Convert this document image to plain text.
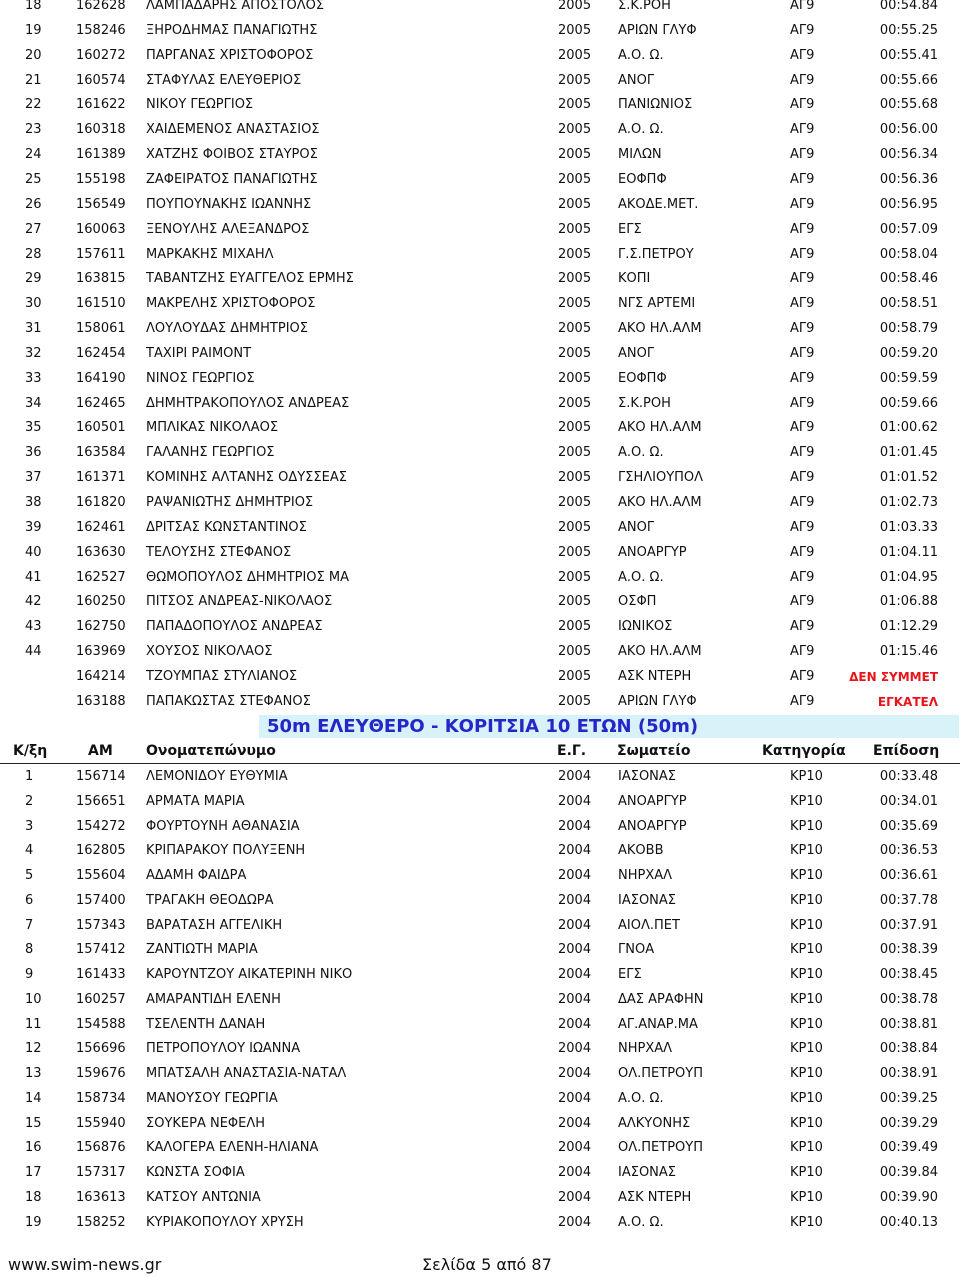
18	162628 ΛΑΜΠΑΔΑΡΗΣ ΑΠΟΣΤΟΛΟΣ	2005 Σ.Κ.ΡΟΗ	ΑΓ9	00:54.84
19	158246 ΞΗΡΟΔΗΜΑΣ ΠΑΝΑΓΙΩΤΗΣ	2005 ΑΡΙΩΝ ΓΛΥΦ	ΑΓ9	00:55.25
20	160272 ΠΑΡΓΑΝΑΣ ΧΡΙΣΤΟΦΟΡΟΣ	2005 Α.Ο. Ω.	ΑΓ9	00:55.41
21	160574 ΣΤΑΦΥΛΑΣ ΕΛΕΥΘΕΡΙΟΣ	2005 ΑΝΟΓ	ΑΓ9	00:55.66
22	161622 ΝΙΚΟΥ ΓΕΩΡΓΙΟΣ	2005 ΠΑΝΙΩΝΙΟΣ	ΑΓ9	00:55.68
23	160318 ΧΑΙΔΕΜΕΝΟΣ ΑΝΑΣΤΑΣΙΟΣ	2005 Α.Ο. Ω.	ΑΓ9	00:56.00
24	161389 ΧΑΤΖΗΣ ΦΟΙΒΟΣ ΣΤΑΥΡΟΣ	2005 ΜΙΛΩΝ	ΑΓ9	00:56.34
25	155198 ΖΑΦΕΙΡΑΤΟΣ ΠΑΝΑΓΙΩΤΗΣ	2005 ΕΟΦΠΦ	ΑΓ9	00:56.36
26	156549 ΠΟΥΠΟΥΝΑΚΗΣ ΙΩΑΝΝΗΣ	2005 ΑΚΟΔΕ.ΜΕΤ.	ΑΓ9	00:56.95
27	160063 ΞΕΝΟΥΛΗΣ ΑΛΕΞΑΝΔΡΟΣ	2005 ΕΓΣ	ΑΓ9	00:57.09
28	157611 ΜΑΡΚΑΚΗΣ ΜΙΧΑΗΛ	2005 Γ.Σ.ΠΕΤΡΟΥ	ΑΓ9	00:58.04
29	163815 ΤΑΒΑΝΤΖΗΣ ΕΥΑΓΓΕΛΟΣ ΕΡΜΗΣ	2005 ΚΟΠΙ	ΑΓ9	00:58.46
30	161510 ΜΑΚΡΕΛΗΣ ΧΡΙΣΤΟΦΟΡΟΣ	2005 ΝΓΣ ΑΡΤΕΜΙ	ΑΓ9	00:58.51
31	158061 ΛΟΥΛΟΥΔΑΣ ΔΗΜΗΤΡΙΟΣ	2005 ΑΚΟ ΗΛ.ΑΛΜ	ΑΓ9	00:58.79
32	162454 ΤΑΧΙΡΙ ΡΑΙΜΟΝΤ	2005 ΑΝΟΓ	ΑΓ9	00:59.20
33	164190 ΝΙΝΟΣ ΓΕΩΡΓΙΟΣ	2005 ΕΟΦΠΦ	ΑΓ9	00:59.59
34	162465 ΔΗΜΗΤΡΑΚΟΠΟΥΛΟΣ ΑΝΔΡΕΑΣ	2005 Σ.Κ.ΡΟΗ	ΑΓ9	00:59.66
35	160501 ΜΠΛΙΚΑΣ ΝΙΚΟΛΑΟΣ	2005 ΑΚΟ ΗΛ.ΑΛΜ	ΑΓ9	01:00.62
36	163584 ΓΑΛΑΝΗΣ ΓΕΩΡΓΙΟΣ	2005 Α.Ο. Ω.	ΑΓ9	01:01.45
37	161371 ΚΟΜΙΝΗΣ ΑΛΤΑΝΗΣ ΟΔΥΣΣΕΑΣ	2005 ΓΣΗΛΙΟΥΠΟΛ	ΑΓ9	01:01.52
38	161820 ΡΑΨΑΝΙΩΤΗΣ ΔΗΜΗΤΡΙΟΣ	2005 ΑΚΟ ΗΛ.ΑΛΜ	ΑΓ9	01:02.73
39	162461 ΔΡΙΤΣΑΣ ΚΩΝΣΤΑΝΤΙΝΟΣ	2005 ΑΝΟΓ	ΑΓ9	01:03.33
40	163630 ΤΕΛΟΥΣΗΣ ΣΤΕΦΑΝΟΣ	2005 ΑΝΟΑΡΓΥΡ	ΑΓ9	01:04.11
41	162527 ΘΩΜΟΠΟΥΛΟΣ ΔΗΜΗΤΡΙΟΣ ΜΑ	2005 Α.Ο. Ω.	ΑΓ9	01:04.95
42	160250 ΠΙΤΣΟΣ ΑΝΔΡΕΑΣ-ΝΙΚΟΛΑΟΣ	2005 ΟΣΦΠ	ΑΓ9	01:06.88
43	162750 ΠΑΠΑΔΟΠΟΥΛΟΣ ΑΝΔΡΕΑΣ	2005 ΙΩΝΙΚΟΣ	ΑΓ9	01:12.29
44	163969 ΧΟΥΣΟΣ ΝΙΚΟΛΑΟΣ	2005 ΑΚΟ ΗΛ.ΑΛΜ	ΑΓ9	01:15.46
164214 ΤΖΟΥΜΠΑΣ ΣΤΥΛΙΑΝΟΣ	2005 ΑΣΚ ΝΤΕΡΗ	ΑΓ9	ΔΕΝ ΣΥΜΜΕΤ
163188 ΠΑΠΑΚΩΣΤΑΣ ΣΤΕΦΑΝΟΣ	2005 ΑΡΙΩΝ ΓΛΥΦ	ΑΓ9	ΕΓΚΑΤΕΛ
50m ΕΛΕΥΘΕΡΟ - ΚΟΡΙΤΣΙΑ 10 ΕΤΩΝ (50m)
Κ/ξη	ΑΜ Ονοματεπώνυμο	Ε.Γ. Σωματείο	Κατηγορία Επίδοση
1	156714 ΛΕΜΟΝΙΔΟΥ ΕΥΘΥΜΙΑ	2004 ΙΑΣΟΝΑΣ	ΚΡ10	00:33.48
2	156651 ΑΡΜΑΤΑ ΜΑΡΙΑ	2004 ΑΝΟΑΡΓΥΡ	ΚΡ10	00:34.01
3	154272 ΦΟΥΡΤΟΥΝΗ ΑΘΑΝΑΣΙΑ	2004 ΑΝΟΑΡΓΥΡ	ΚΡ10	00:35.69
4	162805 ΚΡΙΠΑΡΑΚΟΥ ΠΟΛΥΞΕΝΗ	2004 ΑΚΟΒΒ	ΚΡ10	00:36.53
5	155604 ΑΔΑΜΗ ΦΑΙΔΡΑ	2004 ΝΗΡΧΑΛ	ΚΡ10	00:36.61
6	157400 ΤΡΑΓΑΚΗ ΘΕΟΔΩΡΑ	2004 ΙΑΣΟΝΑΣ	ΚΡ10	00:37.78
7	157343 ΒΑΡΑΤΑΣΗ ΑΓΓΕΛΙΚΗ	2004 ΑΙΟΛ.ΠΕΤ	ΚΡ10	00:37.91
8	157412 ΖΑΝΤΙΩΤΗ ΜΑΡΙΑ	2004 ΓΝΟΑ	ΚΡ10	00:38.39
9	161433 ΚΑΡΟΥΝΤΖΟΥ ΑΙΚΑΤΕΡΙΝΗ ΝΙΚΟ	2004 ΕΓΣ	ΚΡ10	00:38.45
10	160257 ΑΜΑΡΑΝΤΙΔΗ ΕΛΕΝΗ	2004 ΔΑΣ ΑΡΑΦΗΝ	ΚΡ10	00:38.78
11	154588 ΤΣΕΛΕΝΤΗ ΔΑΝΑΗ	2004 ΑΓ.ΑΝΑΡ.ΜΑ	ΚΡ10	00:38.81
12	156696 ΠΕΤΡΟΠΟΥΛΟΥ ΙΩΑΝΝΑ	2004 ΝΗΡΧΑΛ	ΚΡ10	00:38.84
13	159676 ΜΠΑΤΣΑΛΗ ΑΝΑΣΤΑΣΙΑ-ΝΑΤΑΛ	2004 ΟΛ.ΠΕΤΡΟΥΠ	ΚΡ10	00:38.91
14	158734 ΜΑΝΟΥΣΟΥ ΓΕΩΡΓΙΑ	2004 Α.Ο. Ω.	ΚΡ10	00:39.25
15	155940 ΣΟΥΚΕΡΑ ΝΕΦΕΛΗ	2004 ΑΛΚΥΟΝΗΣ	ΚΡ10	00:39.29
16	156876 ΚΑΛΟΓΕΡΑ ΕΛΕΝΗ-ΗΛΙΑΝΑ	2004 ΟΛ.ΠΕΤΡΟΥΠ	ΚΡ10	00:39.49
17	157317 ΚΩΝΣΤΑ ΣΟΦΙΑ	2004 ΙΑΣΟΝΑΣ	ΚΡ10	00:39.84
18	163613 ΚΑΤΣΟΥ ΑΝΤΩΝΙΑ	2004 ΑΣΚ ΝΤΕΡΗ	ΚΡ10	00:39.90
19	158252 ΚΥΡΙΑΚΟΠΟΥΛΟΥ ΧΡΥΣΗ	2004 Α.Ο. Ω.	ΚΡ10	00:40.13
www.swim-news.gr	Σελίδα 5 από 87
